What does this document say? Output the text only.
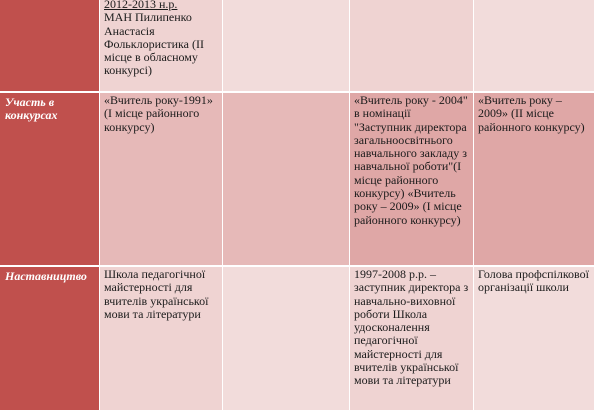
2012-2013 н.р.
МАН Пилипенко Анастасія Фольклористика (ІІ місце в обласному конкурсі)
Участь в конкурсах
«Вчитель року-1991» (І місце районного конкурсу)
«Вчитель року - 2004" в номінації "Заступник директора загальноосвітнього навчального закладу з навчальної роботи"(І місце районного конкурсу) «Вчитель року – 2009» (І місце районного конкурсу)
«Вчитель року – 2009» (ІІ місце районного конкурсу)
Наставництво	Школа педагогічної майстерності для вчителів української мови та літератури
1997-2008 р.р. – заступник директора з навчально-виховної роботи Школа удосконалення педагогічної майстерності для вчителів української мови та літератури
Голова профспілкової організації школи
